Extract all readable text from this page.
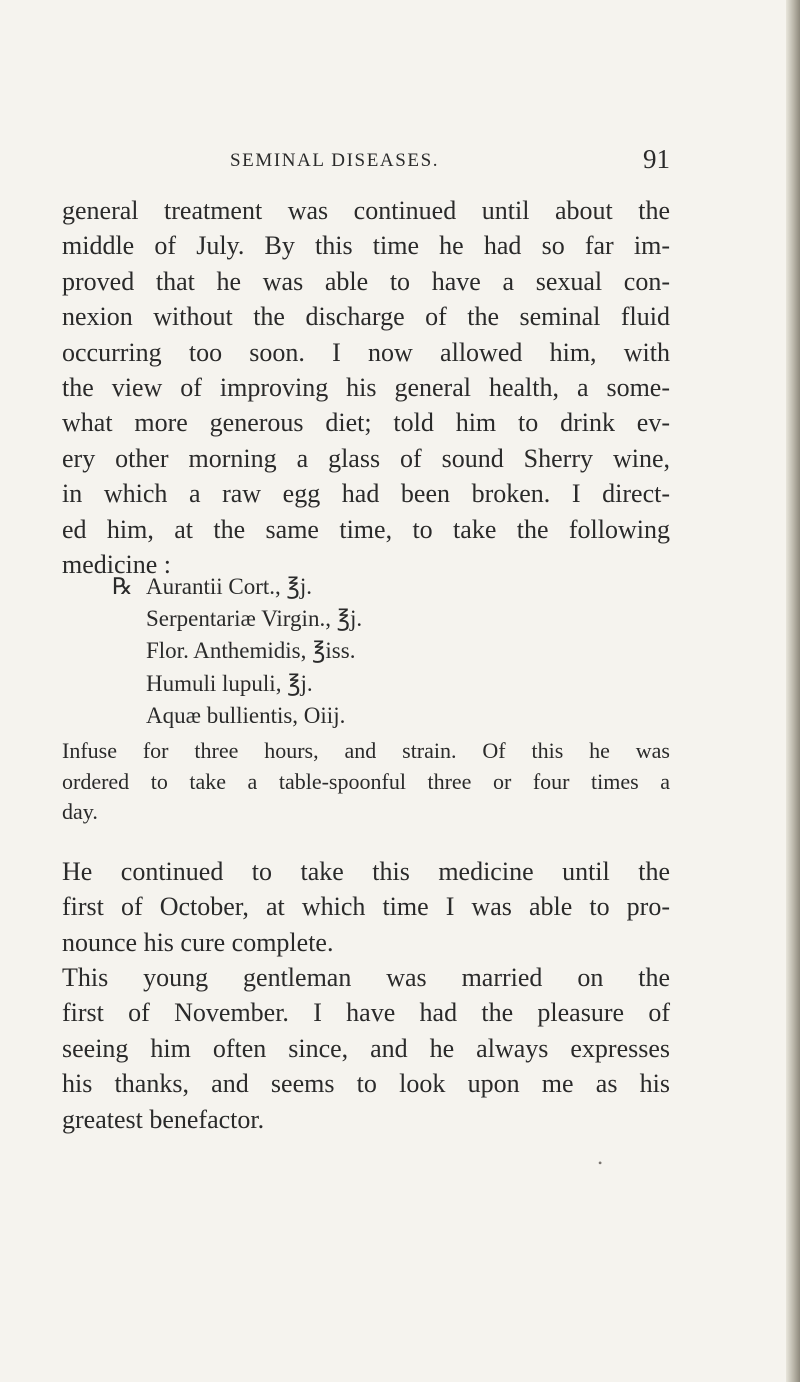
SEMINAL DISEASES.	91
general treatment was continued until about the
middle of July. By this time he had so far im-
proved that he was able to have a sexual con-
nexion without the discharge of the seminal fluid
occurring too soon. I now allowed him, with
the view of improving his general health, a some-
what more generous diet; told him to drink ev-
ery other morning a glass of sound Sherry wine,
in which a raw egg had been broken. I direct-
ed him, at the same time, to take the following
medicine :
℞ Aurantii Cort., ℥j.
Serpentariæ Virgin., ℥j.
Flor. Anthemidis, ℥iss.
Humuli lupuli, ℥j.
Aquæ bullientis, Oiij.
Infuse for three hours, and strain. Of this he was
ordered to take a table-spoonful three or four times a
day.
He continued to take this medicine until the
first of October, at which time I was able to pro-
nounce his cure complete.
This young gentleman was married on the
first of November. I have had the pleasure of
seeing him often since, and he always expresses
his thanks, and seems to look upon me as his
greatest benefactor.
•
